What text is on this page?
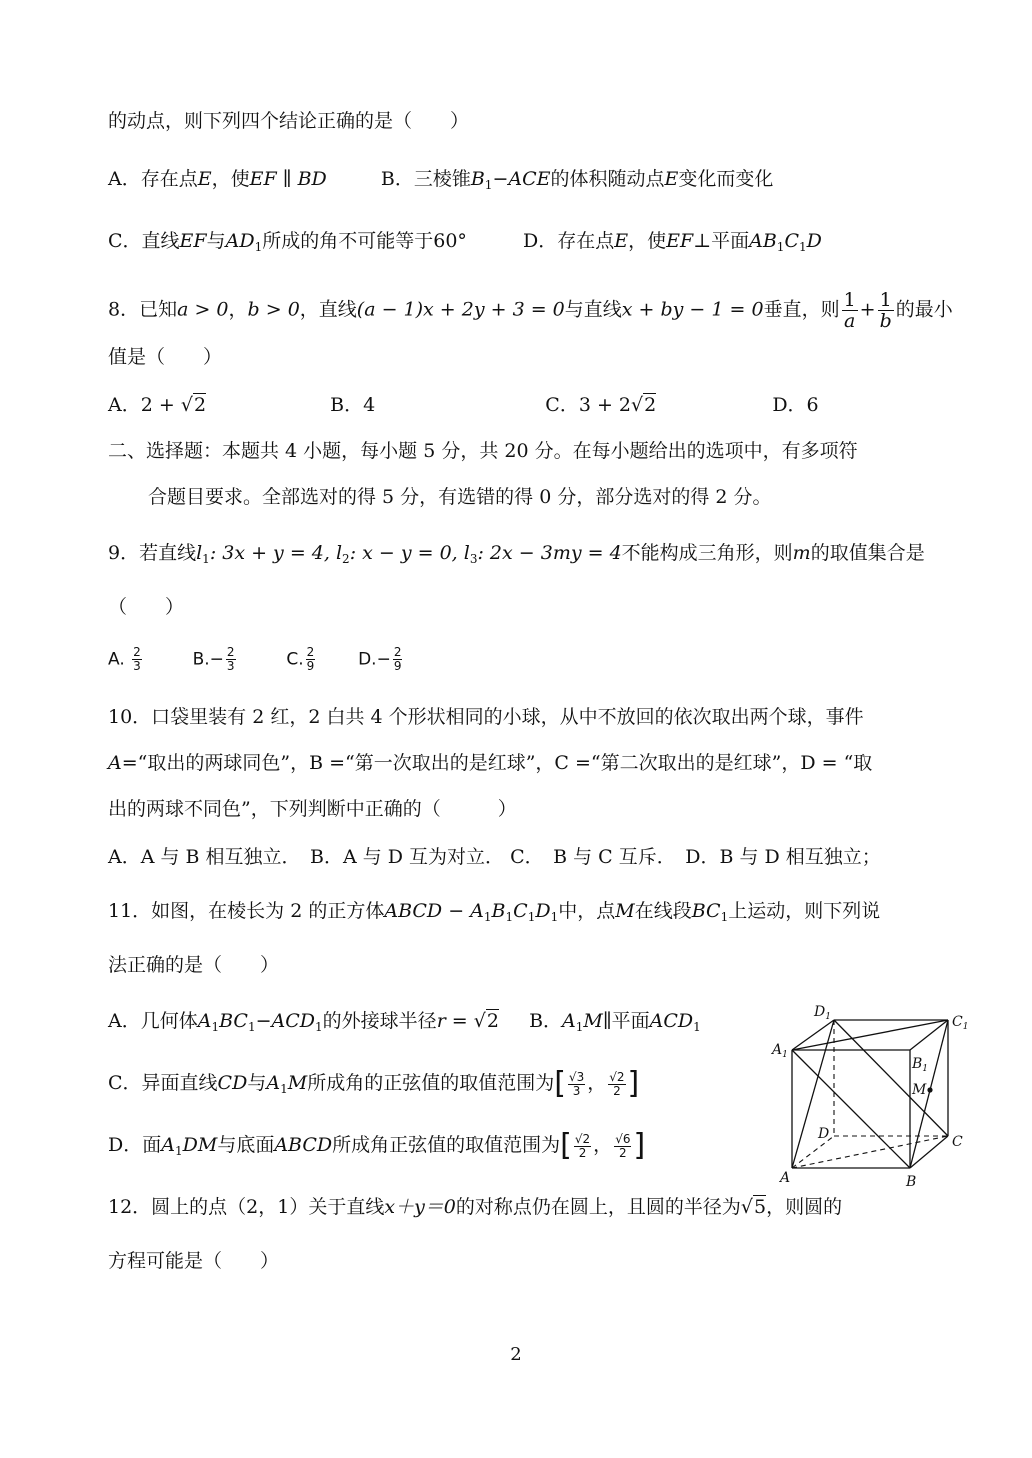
的动点，则下列四个结论正确的是（　　）
A．存在点E，使EF ∥ BD	B．三棱锥$B_1-ACE$的体积随动点E变化而变化
C．直线EF与$AD_1$所成的角不可能等于60°	D．存在点E，使EF⊥平面$AB_1C_1D$
8．已知a > 0，b > 0，直线(a − 1)x + 2y + 3 = 0与直线x + by − 1 = 0垂直，则 $\frac{1}{a} + \frac{1}{b}$ 的最小
值是（　　）
A．2 + √2	B．4	C．3 + 2√2	D．6
二、选择题：本题共 4 小题，每小题 5 分，共 20 分。在每小题给出的选项中，有多项符
合题目要求。全部选对的得 5 分，有选错的得 0 分，部分选对的得 2 分。
9．若直线$l_1$: 3x + y = 4, $l_2$: x − y = 0, $l_3$: 2x − 3my = 4不能构成三角形，则m的取值集合是
（　　）
A. $\frac{2}{3}$	$B.- \frac{2}{3}$	C. $\frac{2}{9}$	$D.- \frac{2}{9}$
10．口袋里装有 2 红，2 白共 4 个形状相同的小球，从中不放回的依次取出两个球，事件
A=“取出的两球同色”，B =“第一次取出的是红球”，C =“第二次取出的是红球”，D = “取
出的两球不同色”，下列判断中正确的（　　　）
A．A 与 B 相互独立．　B．A 与 D 互为对立． C．　B 与 C 互斥．　D．B 与 D 相互独立；
11．如图，在棱长为 2 的正方体ABCD − $A_1B_1C_1D_1$中，点M在线段$BC_1$上运动，则下列说
法正确的是（　　）
A．几何体$A_1BC_1-ACD_1$的外接球半径r = √2 B．$A_1M\parallel$平面$ACD_1$
C．异面直线CD与$A_1M$所成角的正弦值的取值范围为[ $\frac{√3}{3}$ ， $\frac{√2}{2}$ ]
D．面$A_1DM$与底面ABCD所成角正弦值的取值范围为[ $\frac{√2}{2}$ ， $\frac{√6}{2}$ ]
$D_1$	$C_1$
$A_1$
$B_1$
M
D	C
A	B
12．圆上的点（2，1）关于直线x＋y＝0的对称点仍在圆上，且圆的半径为√5，则圆的
方程可能是（　　）
2
